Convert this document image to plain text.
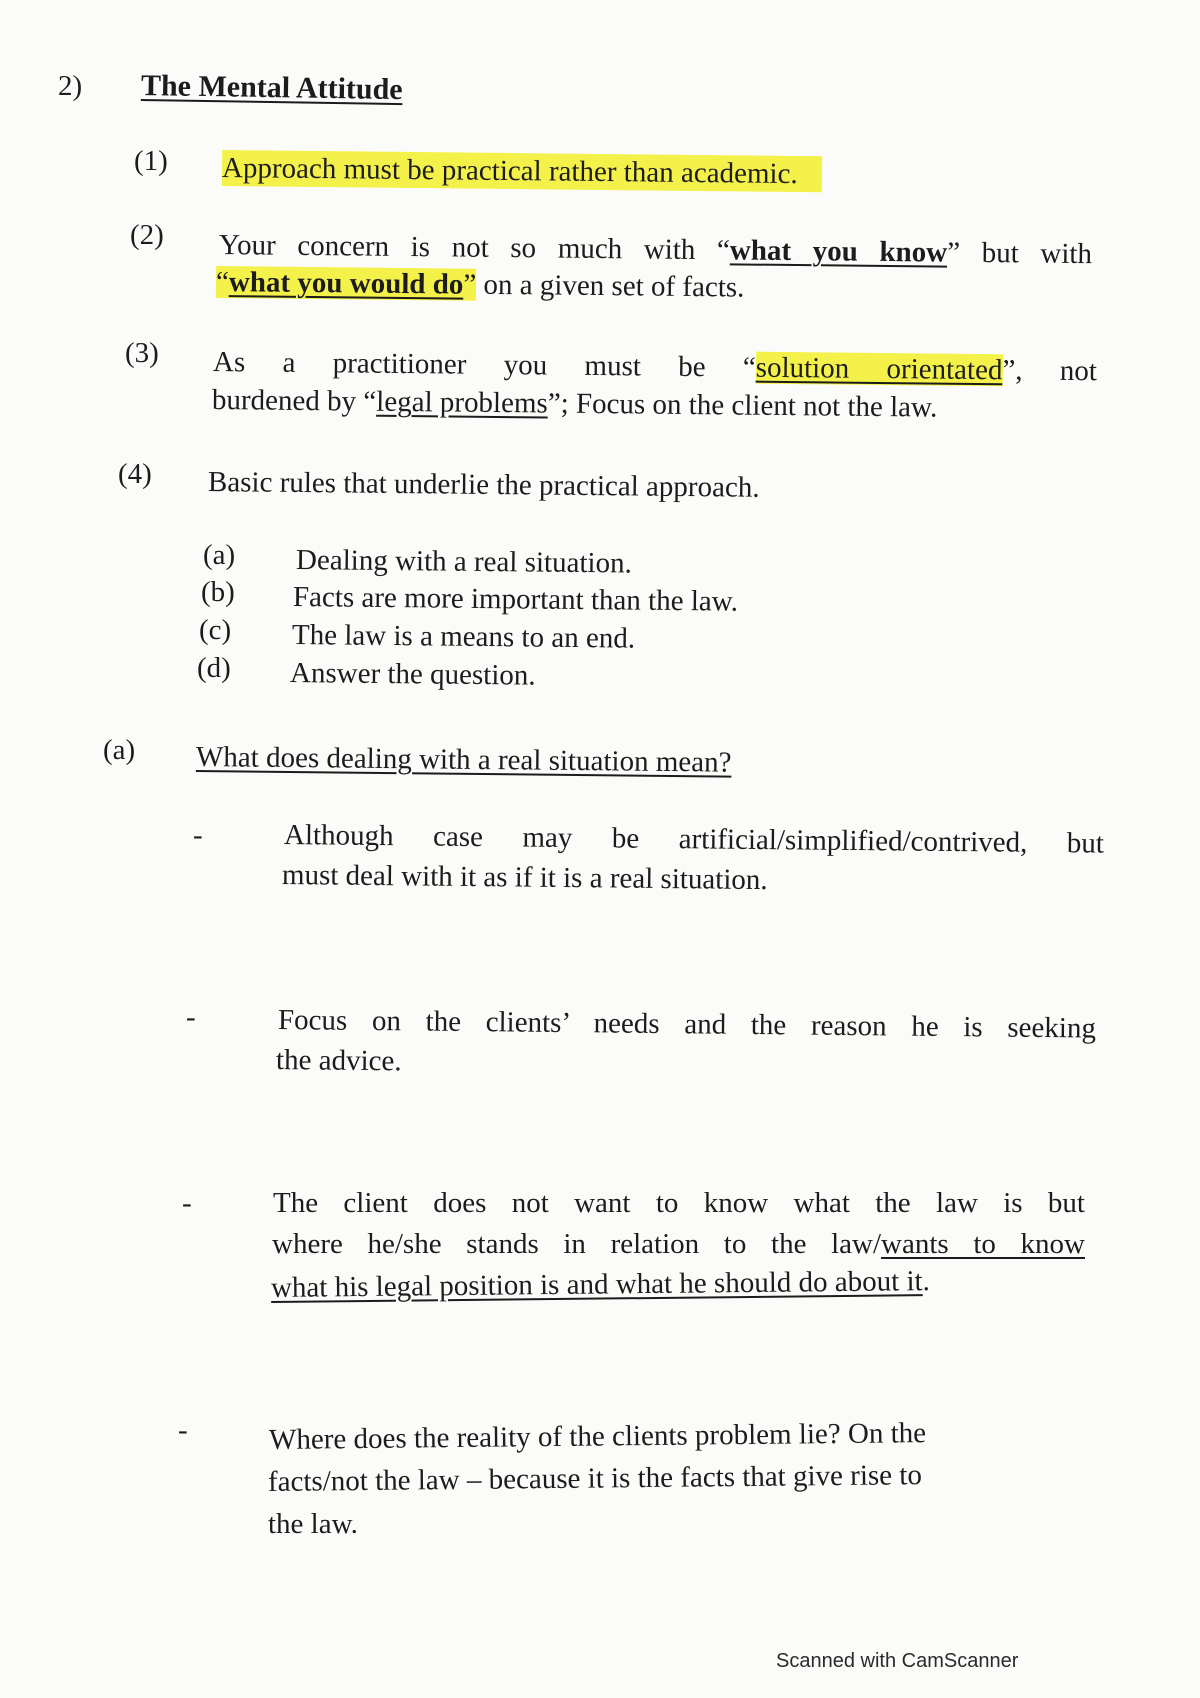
2) The Mental Attitude
(1) Approach must be practical rather than academic.
(2) Your concern is not so much with “what you know” but with
“what you would do” on a given set of facts.
(3) As a practitioner you must be “solution orientated”, not
burdened by “legal problems”; Focus on the client not the law.
(4) Basic rules that underlie the practical approach.
(a) Dealing with a real situation.
(b) Facts are more important than the law.
(c) The law is a means to an end.
(d) Answer the question.
(a) What does dealing with a real situation mean?
-	Although case may be artificial/simplified/contrived, but
must deal with it as if it is a real situation.
-	Focus on the clients’ needs and the reason he is seeking
the advice.
-	The client does not want to know what the law is but
where he/she stands in relation to the law/wants to know
what his legal position is and what he should do about it.
-	Where does the reality of the clients problem lie? On the
facts/not the law – because it is the facts that give rise to
the law.
Scanned with CamScanner
